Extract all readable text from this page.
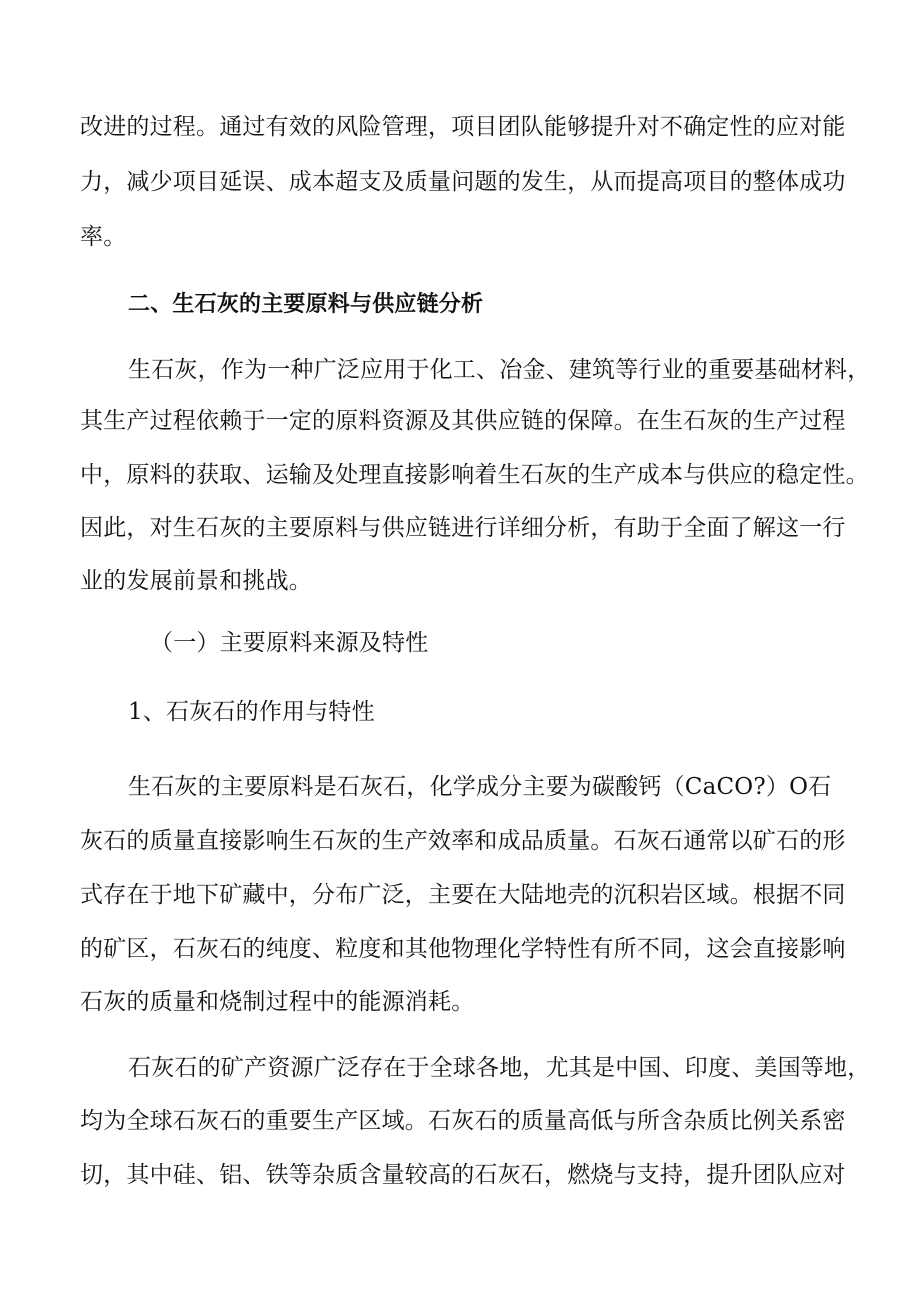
改进的过程。通过有效的风险管理，项目团队能够提升对不确定性的应对能
力，减少项目延误、成本超支及质量问题的发生，从而提高项目的整体成功
率。
二、生石灰的主要原料与供应链分析
生石灰，作为一种广泛应用于化工、冶金、建筑等行业的重要基础材料，
其生产过程依赖于一定的原料资源及其供应链的保障。在生石灰的生产过程
中，原料的获取、运输及处理直接影响着生石灰的生产成本与供应的稳定性。
因此，对生石灰的主要原料与供应链进行详细分析，有助于全面了解这一行
业的发展前景和挑战。
（一）主要原料来源及特性
1、石灰石的作用与特性
生石灰的主要原料是石灰石，化学成分主要为碳酸钙（CaCO?）O石
灰石的质量直接影响生石灰的生产效率和成品质量。石灰石通常以矿石的形
式存在于地下矿藏中，分布广泛，主要在大陆地壳的沉积岩区域。根据不同
的矿区，石灰石的纯度、粒度和其他物理化学特性有所不同，这会直接影响
石灰的质量和烧制过程中的能源消耗。
石灰石的矿产资源广泛存在于全球各地，尤其是中国、印度、美国等地，
均为全球石灰石的重要生产区域。石灰石的质量高低与所含杂质比例关系密
切，其中硅、铝、铁等杂质含量较高的石灰石，燃烧与支持，提升团队应对
